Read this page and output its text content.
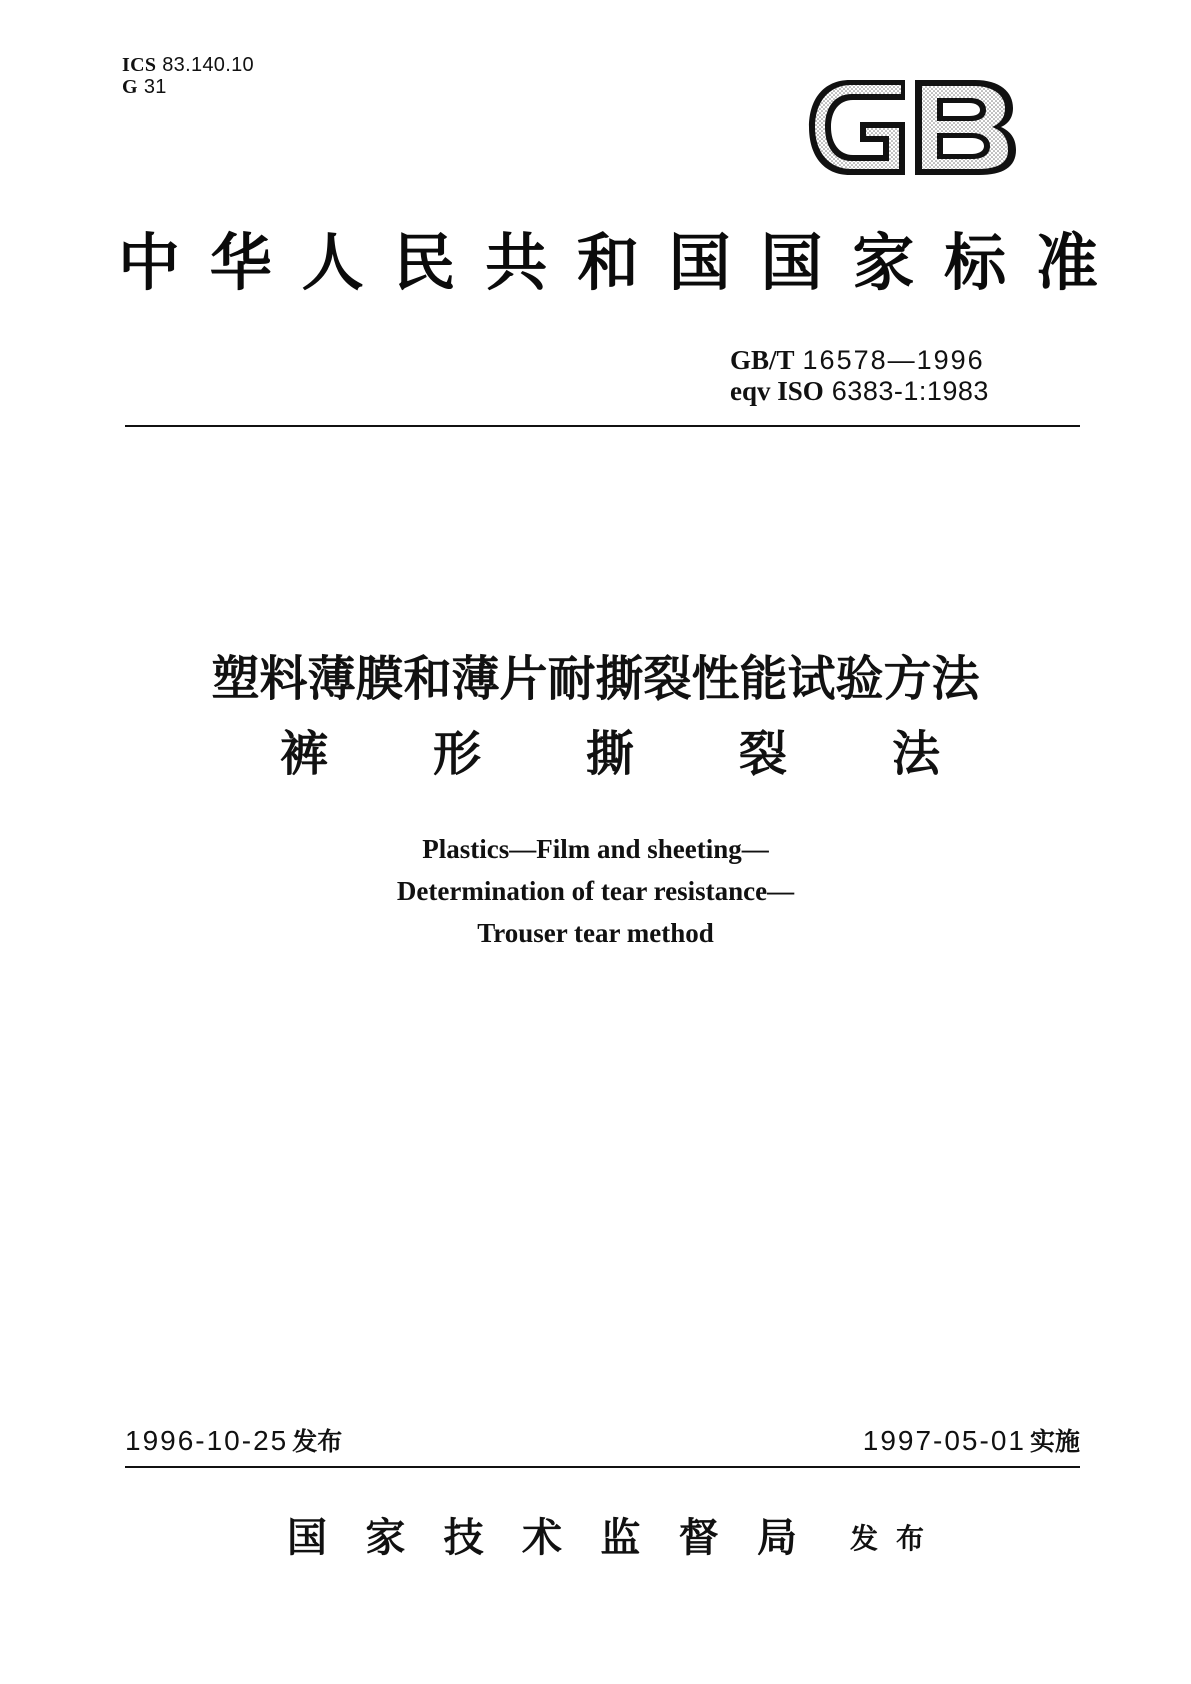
ICS 83.140.10
G 31
中 华 人 民 共 和 国 国 家 标 准
GB/T 16578—1996
eqv ISO 6383-1:1983
塑料薄膜和薄片耐撕裂性能试验方法
裤 形 撕 裂 法
Plastics—Film and sheeting—
Determination of tear resistance—
Trouser tear method
1996-10-25 发布	1997-05-01 实施
国 家 技 术 监 督 局 发 布
